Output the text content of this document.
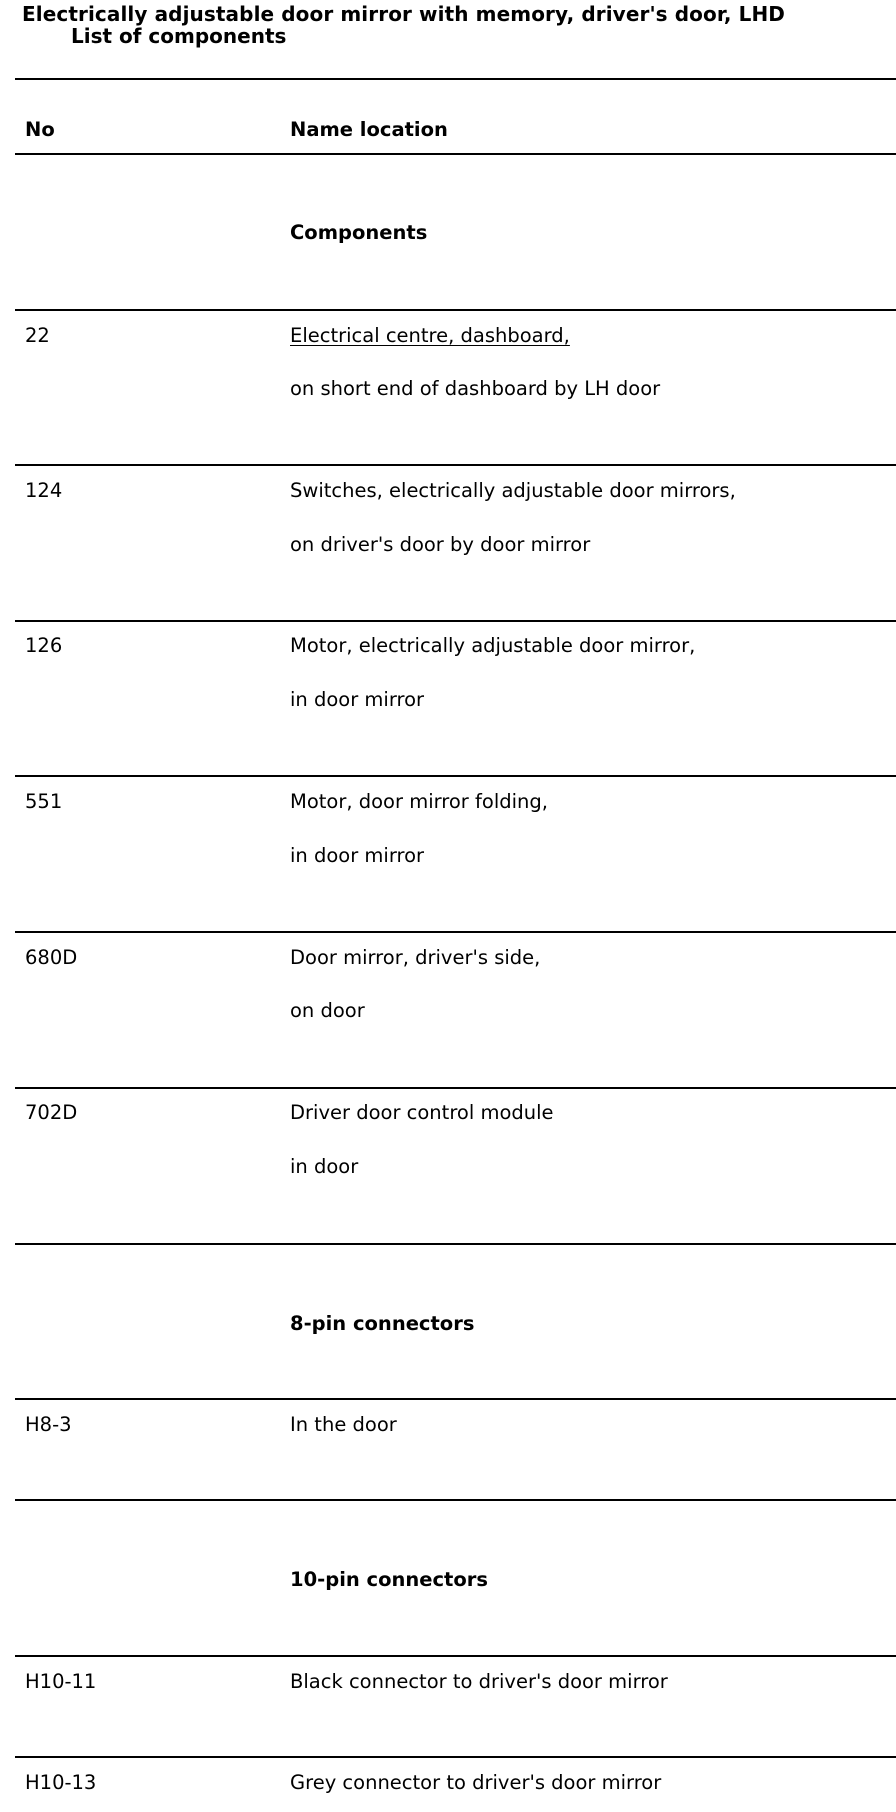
Electrically adjustable door mirror with memory, driver's door, LHD
List of components
No	Name location
Components
22	Electrical centre, dashboard,
on short end of dashboard by LH door
124	Switches, electrically adjustable door mirrors,
on driver's door by door mirror
126	Motor, electrically adjustable door mirror,
in door mirror
551	Motor, door mirror folding,
in door mirror
680D	Door mirror, driver's side,
on door
702D	Driver door control module
in door
8-pin connectors
H8-3	In the door
10-pin connectors
H10-11	Black connector to driver's door mirror
H10-13	Grey connector to driver's door mirror
